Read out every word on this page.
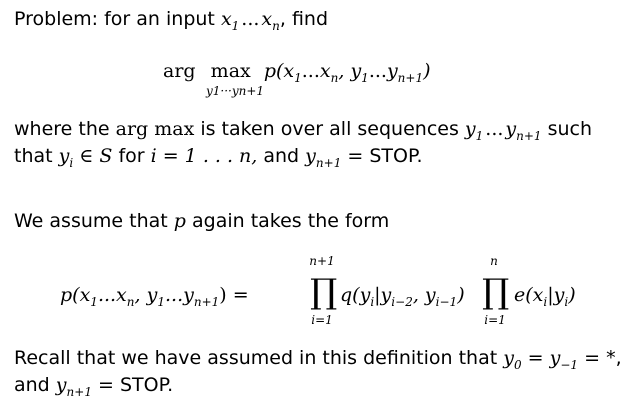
Problem: for an input $x_1$ ... $x_n$, find
arg $\max p(x_1...x_n$, $y_1...y_{n+1}$)
y1···yn+1
where the arg max is taken over all sequences $y_1$ ... $y_{n+1}$ such
that $y_i$ ∈ S for i = 1 . . . n, and $y_{n+1}$ = STOP.
We assume that p again takes the form
$p(x_1...x_n$, $y_1...y_{n+1}$) =
n+1
∏
i=1
$q(y_i|y_{i-2}$, $y_{i-1}$)
n
∏
i=1
$e(x_i|y_i)$
Recall that we have assumed in this definition that $y_0 = y_{-1}$ = *,
and $y_{n+1}$ = STOP.
